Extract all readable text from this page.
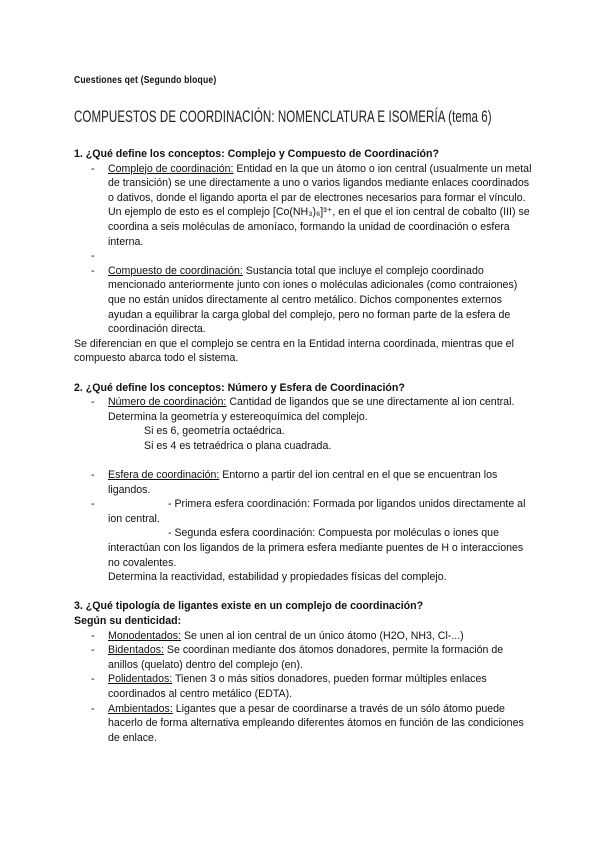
Cuestiones qet (Segundo bloque)
COMPUESTOS DE COORDINACIÓN: NOMENCLATURA E ISOMERÍA (tema 6)

1. ¿Qué define los conceptos: Complejo y Compuesto de Coordinación?

- Complejo de coordinación: Entidad en la que un átomo o ion central (usualmente un metal de transición) se une directamente a uno o varios ligandos mediante enlaces coordinados o dativos, donde el ligando aporta el par de electrones necesarios para formar el vínculo. Un ejemplo de esto es el complejo [Co(NH₃)₆]³⁺, en el que el ion central de cobalto (III) se coordina a seis moléculas de amoníaco, formando la unidad de coordinación o esfera interna.
-
- Compuesto de coordinación: Sustancia total que incluye el complejo coordinado mencionado anteriormente junto con iones o moléculas adicionales (como contraiones) que no están unidos directamente al centro metálico. Dichos componentes externos ayudan a equilibrar la carga global del complejo, pero no forman parte de la esfera de coordinación directa.

Se diferencian en que el complejo se centra en la Entidad interna coordinada, mientras que el compuesto abarca todo el sistema.

2. ¿Qué define los conceptos: Número y Esfera de Coordinación?

- Número de coordinación: Cantidad de ligandos que se une directamente al ion central. Determina la geometría y estereoquímica del complejo.

Si es 6, geometría octaédrica.

Si es 4 es tetraédrica o plana cuadrada.

- Esfera de coordinación: Entorno a partir del ion central en el que se encuentran los ligandos.
- - Primera esfera coordinación: Formada por ligandos unidos directamente al ion central.

- Segunda esfera coordinación: Compuesta por moléculas o iones que interactúan con los ligandos de la primera esfera mediante puentes de H o interacciones no covalentes.

Determina la reactividad, estabilidad y propiedades físicas del complejo.

3. ¿Qué tipología de ligantes existe en un complejo de coordinación?

Según su denticidad:

- Monodentados: Se unen al ion central de un único átomo (H2O, NH3, Cl-...)
- Bidentados: Se coordinan mediante dos átomos donadores, permite la formación de anillos (quelato) dentro del complejo (en).
- Polidentados: Tienen 3 o más sitios donadores, pueden formar múltiples enlaces coordinados al centro metálico (EDTA).
- Ambientados: Ligantes que a pesar de coordinarse a través de un sólo átomo puede hacerlo de forma alternativa empleando diferentes átomos en función de las condiciones de enlace.
